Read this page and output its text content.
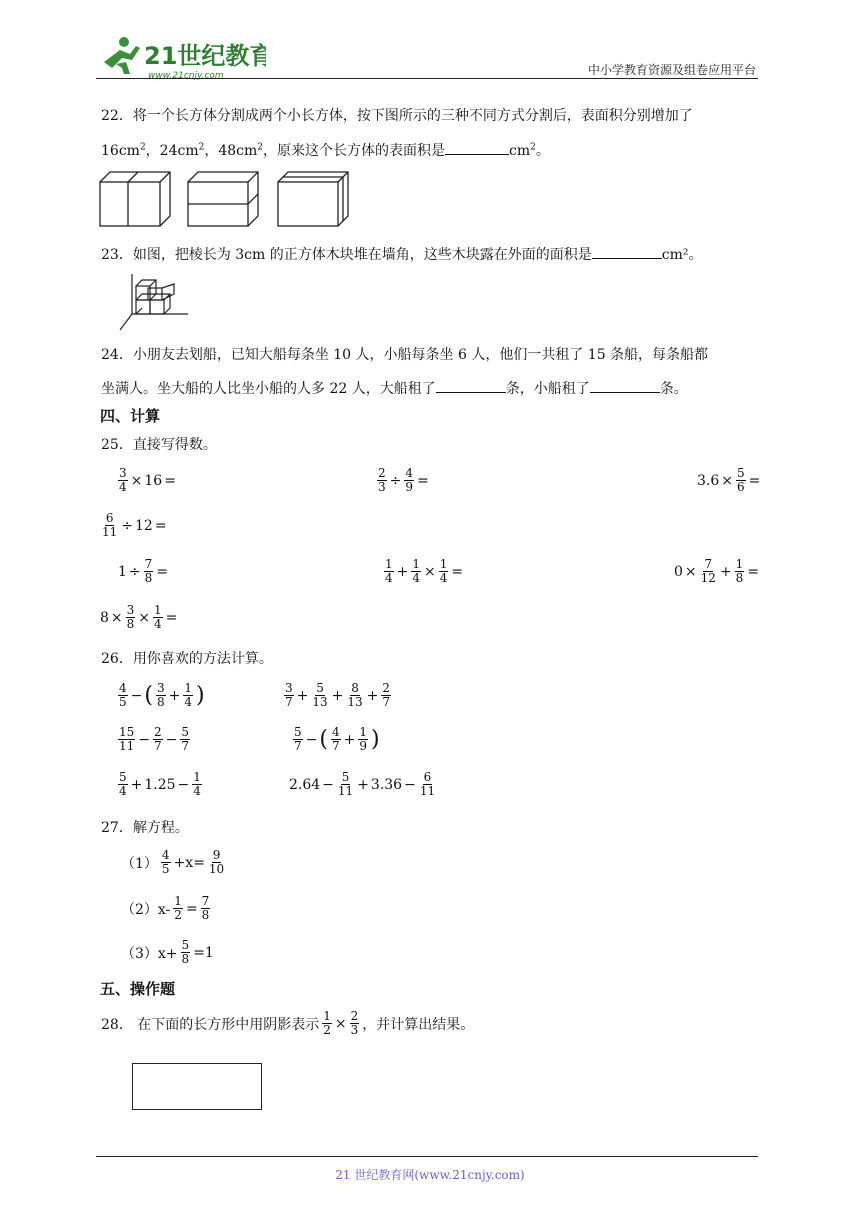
21世纪教育
www.21cnjy.com	中小学教育资源及组卷应用平台
22．将一个长方体分割成两个小长方体，按下图所示的三种不同方式分割后，表面积分别增加了
$16cm^2$，$24cm^2$，$48cm^2$，原来这个长方体的表面积是	$cm^2$。
23．如图，把棱长为 3cm 的正方体木块堆在墙角，这些木块露在外面的面积是	cm²。
24．小朋友去划船，已知大船每条坐 10 人，小船每条坐 6 人，他们一共租了 15 条船，每条船都
坐满人。坐大船的人比坐小船的人多 22 人，大船租了	条，小船租了	条。
四、计算
25．直接写得数。
$\frac{3}{4} \times 16$ =	$\frac{2}{3} \div \frac{4}{9}$ =	$3.6 \times \frac{5}{6}$ =
$\frac{6}{11} \div 12$ =
$1 \div \frac{7}{8}$ =	$\frac{1}{4} + \frac{1}{4} \times \frac{1}{4}$ =	$0 \times \frac{7}{12} + \frac{1}{8}$ =
$8 \times \frac{3}{8} \times \frac{1}{4}$ =
26．用你喜欢的方法计算。
$\frac{4}{5}$ − ( $\frac{3}{8} + \frac{1}{4}$ )	$\frac{3}{7} + \frac{5}{13} + \frac{8}{13} + \frac{2}{7}$
$\frac{15}{11} - \frac{2}{7} - \frac{5}{7}$	$\frac{5}{7}$ − ( $\frac{4}{7} + \frac{1}{9}$ )
$\frac{5}{4} + 1.25 - \frac{1}{4}$	$2.64 - \frac{5}{11} + 3.36 - \frac{6}{11}$
27．解方程。
$(1) \frac{4}{5} +x= \frac{9}{10}$
$(2)x- \frac{1}{2} = \frac{7}{8}$
$(3)x+ \frac{5}{8} =1$
五、操作题
28． 在下面的长方形中用阴影表示 $\frac{1}{2} \times \frac{2}{3}$ ，并计算出结果。
21 世纪教育网(www.21cnjy.com)
